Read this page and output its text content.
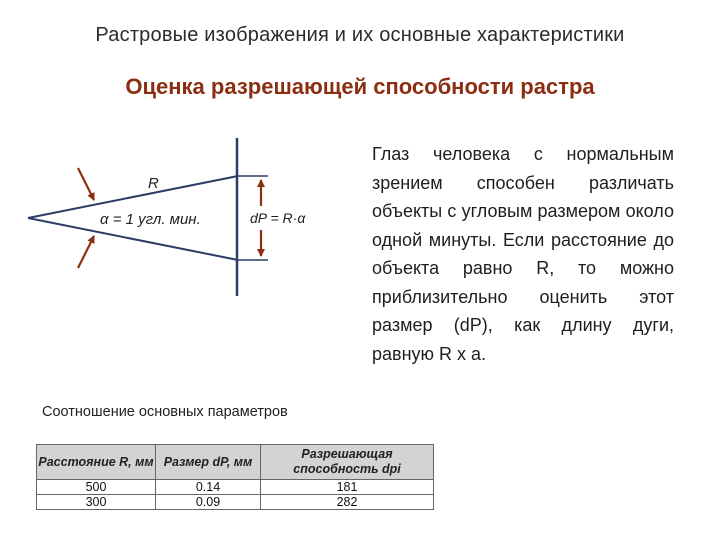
Растровые изображения и их основные характеристики
Оценка разрешающей способности растра
R
α = 1 угл. мин.	dP = R·α
Глаз человека с нормальным зрением способен различать объекты с угловым размером около одной минуты. Если расстояние до объекта равно R, то можно приблизительно оценить этот размер (dP), как длину дуги, равную R x a.
Соотношение основных параметров
Расстояние R, мм	Размер dP, мм	Разрешающая способность dpi
500	0.14	181
300	0.09	282
